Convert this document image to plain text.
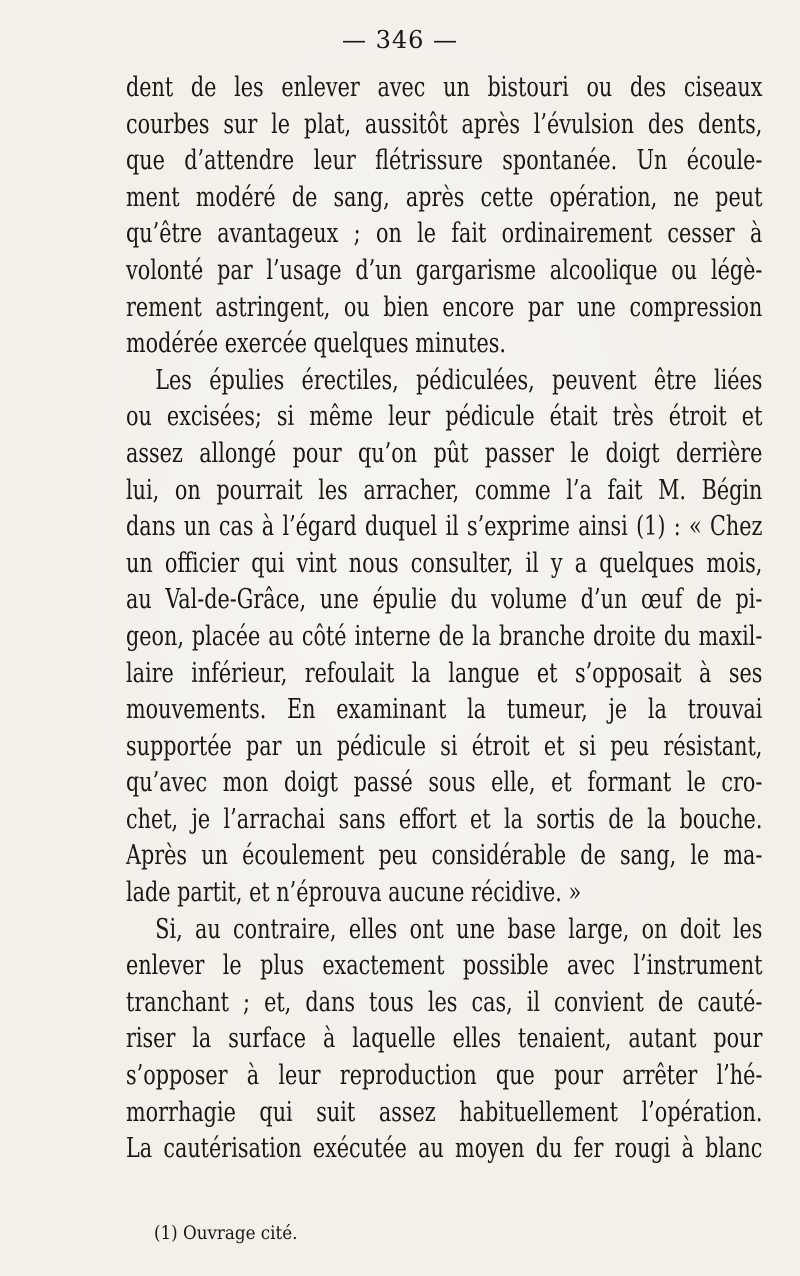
— 346 —
dent de les enlever avec un bistouri ou des ciseaux
courbes sur le plat, aussitôt après l’évulsion des dents,
que d’attendre leur flétrissure spontanée. Un écoule-
ment modéré de sang, après cette opération, ne peut
qu’être avantageux ; on le fait ordinairement cesser à
volonté par l’usage d’un gargarisme alcoolique ou légè-
rement astringent, ou bien encore par une compression
modérée exercée quelques minutes.
Les épulies érectiles, pédiculées, peuvent être liées
ou excisées; si même leur pédicule était très étroit et
assez allongé pour qu’on pût passer le doigt derrière
lui, on pourrait les arracher, comme l’a fait M. Bégin
dans un cas à l’égard duquel il s’exprime ainsi (1) : « Chez
un officier qui vint nous consulter, il y a quelques mois,
au Val-de-Grâce, une épulie du volume d’un œuf de pi-
geon, placée au côté interne de la branche droite du maxil-
laire inférieur, refoulait la langue et s’opposait à ses
mouvements. En examinant la tumeur, je la trouvai
supportée par un pédicule si étroit et si peu résistant,
qu’avec mon doigt passé sous elle, et formant le cro-
chet, je l’arrachai sans effort et la sortis de la bouche.
Après un écoulement peu considérable de sang, le ma-
lade partit, et n’éprouva aucune récidive. »
Si, au contraire, elles ont une base large, on doit les
enlever le plus exactement possible avec l’instrument
tranchant ; et, dans tous les cas, il convient de cauté-
riser la surface à laquelle elles tenaient, autant pour
s’opposer à leur reproduction que pour arrêter l’hé-
morrhagie qui suit assez habituellement l’opération.
La cautérisation exécutée au moyen du fer rougi à blanc
(1) Ouvrage cité.
